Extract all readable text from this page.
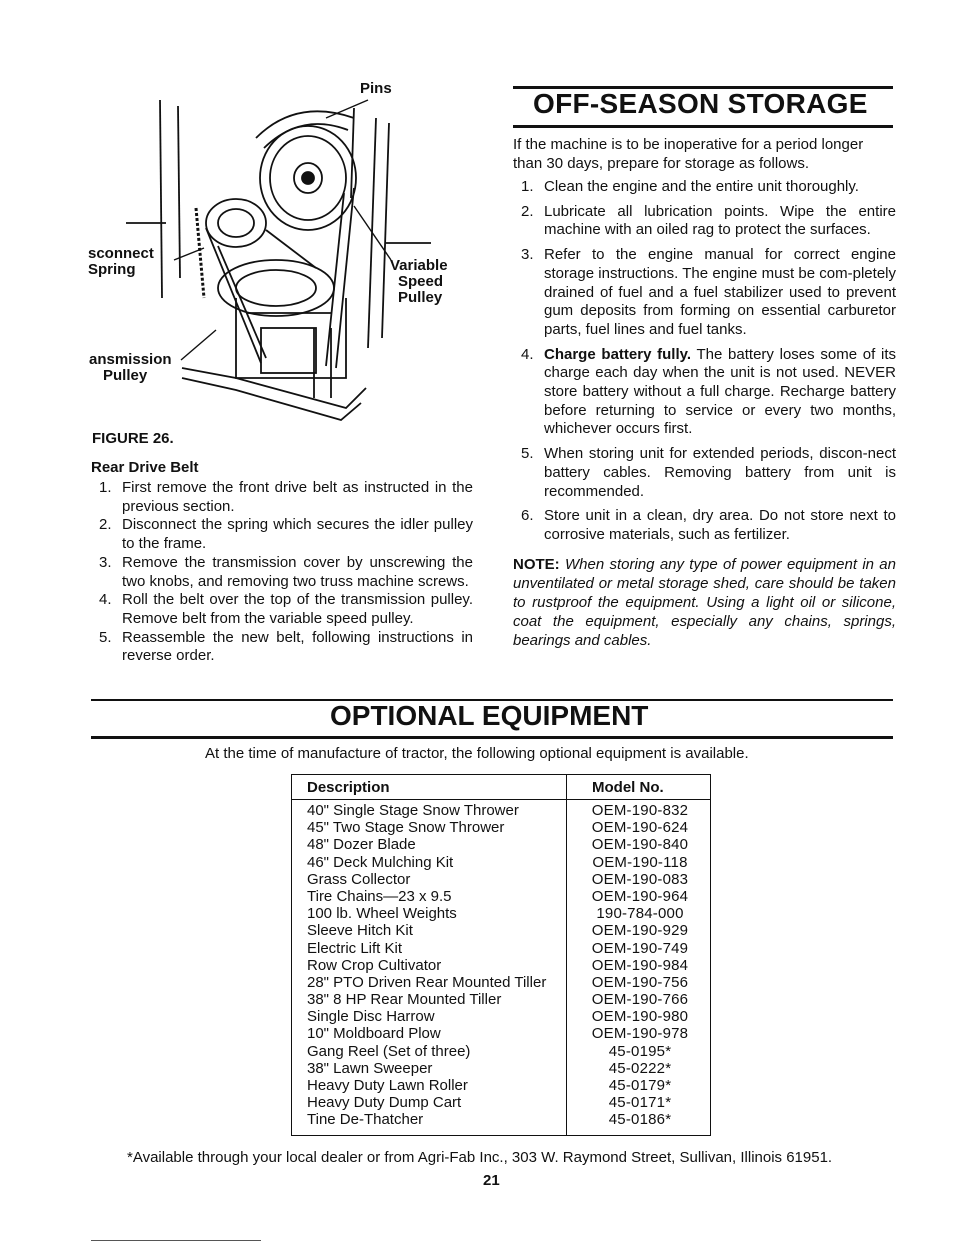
Pins
sconnect
Spring	Variable
Speed
Pulley
ansmission
Pulley
FIGURE 26.
Rear Drive Belt
1. First remove the front drive belt as instructed in the previous section.
2. Disconnect the spring which secures the idler pulley to the frame.
3. Remove the transmission cover by unscrewing the two knobs, and removing two truss machine screws.
4. Roll the belt over the top of the transmission pulley. Remove belt from the variable speed pulley.
5. Reassemble the new belt, following instructions in reverse order.
OFF-SEASON STORAGE
If the machine is to be inoperative for a period longer than 30 days, prepare for storage as follows.
1. Clean the engine and the entire unit thoroughly.
2. Lubricate all lubrication points. Wipe the entire machine with an oiled rag to protect the surfaces.
3. Refer to the engine manual for correct engine storage instructions. The engine must be com-pletely drained of fuel and a fuel stabilizer used to prevent gum deposits from forming on essential carburetor parts, fuel lines and fuel tanks.
4. Charge battery fully. The battery loses some of its charge each day when the unit is not used. NEVER store battery without a full charge. Recharge battery before returning to service or every two months, whichever occurs first.
5. When storing unit for extended periods, discon-nect battery cables. Removing battery from unit is recommended.
6. Store unit in a clean, dry area. Do not store next to corrosive materials, such as fertilizer.
NOTE: When storing any type of power equipment in an unventilated or metal storage shed, care should be taken to rustproof the equipment. Using a light oil or silicone, coat the equipment, especially any chains, springs, bearings and cables.
OPTIONAL EQUIPMENT
At the time of manufacture of tractor, the following optional equipment is available.
Description	Model No.
40" Single Stage Snow Thrower	OEM-190-832
45" Two Stage Snow Thrower	OEM-190-624
48" Dozer Blade	OEM-190-840
46" Deck Mulching Kit	OEM-190-118
Grass Collector	OEM-190-083
Tire Chains—23 x 9.5	OEM-190-964
100 lb. Wheel Weights	190-784-000
Sleeve Hitch Kit	OEM-190-929
Electric Lift Kit	OEM-190-749
Row Crop Cultivator	OEM-190-984
28" PTO Driven Rear Mounted Tiller	OEM-190-756
38" 8 HP Rear Mounted Tiller	OEM-190-766
Single Disc Harrow	OEM-190-980
10" Moldboard Plow	OEM-190-978
Gang Reel (Set of three)	45-0195*
38" Lawn Sweeper	45-0222*
Heavy Duty Lawn Roller	45-0179*
Heavy Duty Dump Cart	45-0171*
Tine De-Thatcher	45-0186*
*Available through your local dealer or from Agri-Fab Inc., 303 W. Raymond Street, Sullivan, Illinois 61951.
21
